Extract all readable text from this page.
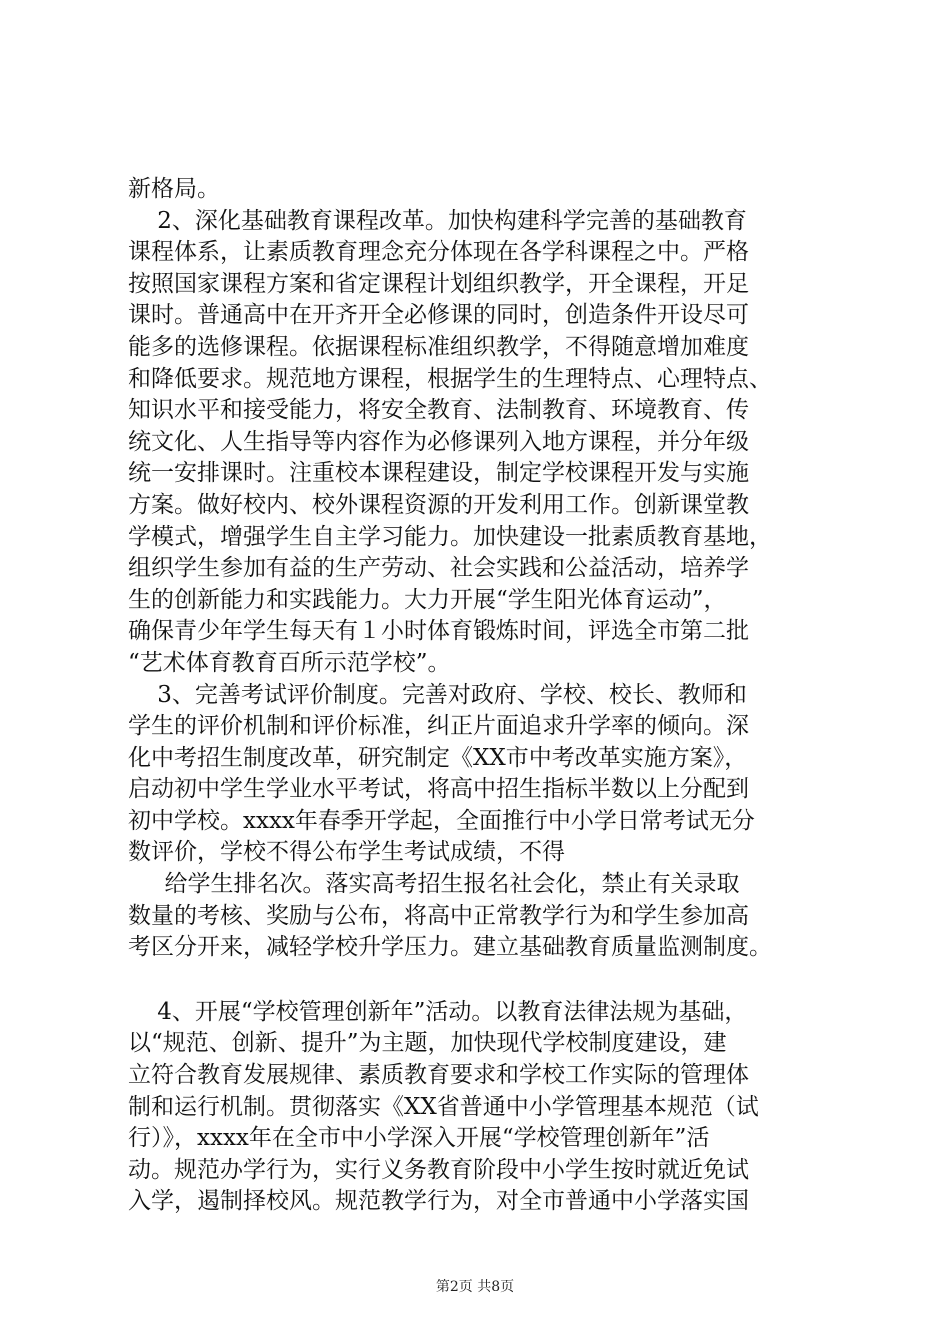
新格局。
2、深化基础教育课程改革。加快构建科学完善的基础教育
课程体系，让素质教育理念充分体现在各学科课程之中。严格
按照国家课程方案和省定课程计划组织教学，开全课程，开足
课时。普通高中在开齐开全必修课的同时，创造条件开设尽可
能多的选修课程。依据课程标准组织教学，不得随意增加难度
和降低要求。规范地方课程，根据学生的生理特点、心理特点、
知识水平和接受能力，将安全教育、法制教育、环境教育、传
统文化、人生指导等内容作为必修课列入地方课程，并分年级
统一安排课时。注重校本课程建设，制定学校课程开发与实施
方案。做好校内、校外课程资源的开发利用工作。创新课堂教
学模式，增强学生自主学习能力。加快建设一批素质教育基地，
组织学生参加有益的生产劳动、社会实践和公益活动，培养学
生的创新能力和实践能力。大力开展“学生阳光体育运动”，
确保青少年学生每天有１小时体育锻炼时间，评选全市第二批
“艺术体育教育百所示范学校”。
3、完善考试评价制度。完善对政府、学校、校长、教师和
学生的评价机制和评价标准，纠正片面追求升学率的倾向。深
化中考招生制度改革，研究制定《XX市中考改革实施方案》，
启动初中学生学业水平考试，将高中招生指标半数以上分配到
初中学校。xxxx年春季开学起，全面推行中小学日常考试无分
数评价，学校不得公布学生考试成绩，不得
给学生排名次。落实高考招生报名社会化，禁止有关录取
数量的考核、奖励与公布，将高中正常教学行为和学生参加高
考区分开来，减轻学校升学压力。建立基础教育质量监测制度。
4、开展“学校管理创新年”活动。以教育法律法规为基础，
以“规范、创新、提升”为主题，加快现代学校制度建设，建
立符合教育发展规律、素质教育要求和学校工作实际的管理体
制和运行机制。贯彻落实《XX省普通中小学管理基本规范（试
行）》，xxxx年在全市中小学深入开展“学校管理创新年”活
动。规范办学行为，实行义务教育阶段中小学生按时就近免试
入学，遏制择校风。规范教学行为，对全市普通中小学落实国
第2页 共8页
